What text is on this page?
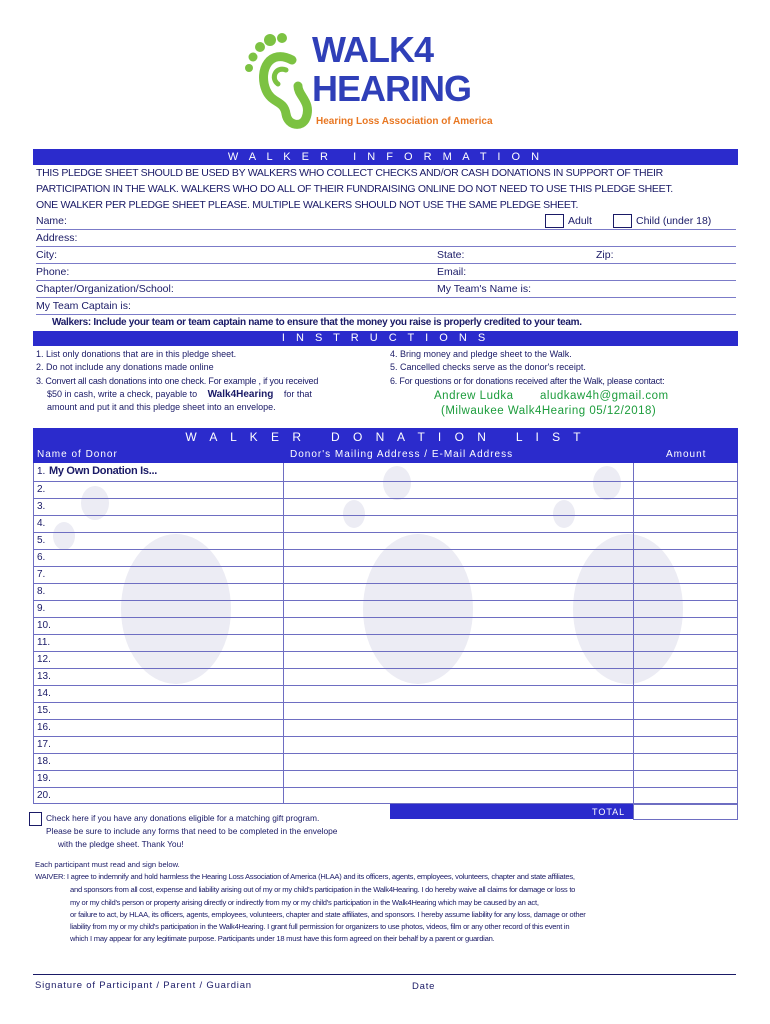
WALK4
HEARING
Hearing Loss Association of America
W A L K E R   I N F O R M A T I O N
THIS PLEDGE SHEET SHOULD BE USED BY WALKERS WHO COLLECT CHECKS AND/OR CASH DONATIONS IN SUPPORT OF THEIR
PARTICIPATION IN THE WALK. WALKERS WHO DO ALL OF THEIR FUNDRAISING ONLINE DO NOT NEED TO USE THIS PLEDGE SHEET.
ONE WALKER PER PLEDGE SHEET PLEASE. MULTIPLE WALKERS SHOULD NOT USE THE SAME PLEDGE SHEET.
Name:	Adult	Child (under 18)
Address:
City:	State:	Zip:
Phone:	Email:
Chapter/Organization/School:	My Team's Name is:
My Team Captain is:
Walkers: Include your team or team captain name to ensure that the money you raise is properly credited to your team.
I N S T R U C T I O N S
1. List only donations that are in this pledge sheet.
2. Do not include any donations made online
3. Convert all cash donations into one check. For example , if you received
$50 in cash, write a check, payable to Walk4Hearing for that
amount and put it and this pledge sheet into an envelope.
4. Bring money and pledge sheet to the Walk.
5. Cancelled checks serve as the donor's receipt.
6. For questions or for donations received after the Walk, please contact:
Andrew Ludka aludkaw4h@gmail.com
(Milwaukee Walk4Hearing 05/12/2018)
W A L K E R   D O N A T I O N   L I S T
Name of Donor	Donor's Mailing Address / E-Mail Address	Amount
1. My Own Donation Is...
2.
3.
4.
5.
6.
7.
8.
9.
10.
11.
12.
13.
14.
15.
16.
17.
18.
19.
20.
TOTAL
Check here if you have any donations eligible for a matching gift program.
Please be sure to include any forms that need to be completed in the envelope
with the pledge sheet. Thank You!
Each participant must read and sign below.
WAIVER: I agree to indemnify and hold harmless the Hearing Loss Association of America (HLAA) and its officers, agents, employees, volunteers, chapter and state affiliates,
and sponsors from all cost, expense and liability arising out of my or my child's participation in the Walk4Hearing. I do hereby waive all claims for damage or loss to
my or my child's person or property arising directly or indirectly from my or my child's participation in the Walk4Hearing which may be caused by an act,
or failure to act, by HLAA, its officers, agents, employees, volunteers, chapter and state affiliates, and sponsors. I hereby assume liability for any loss, damage or other
liability from my or my child's participation in the Walk4Hearing. I grant full permission for organizers to use photos, videos, film or any other record of this event in
which I may appear for any legitimate purpose. Participants under 18 must have this form agreed on their behalf by a parent or guardian.
Signature of Participant / Parent / Guardian	Date
